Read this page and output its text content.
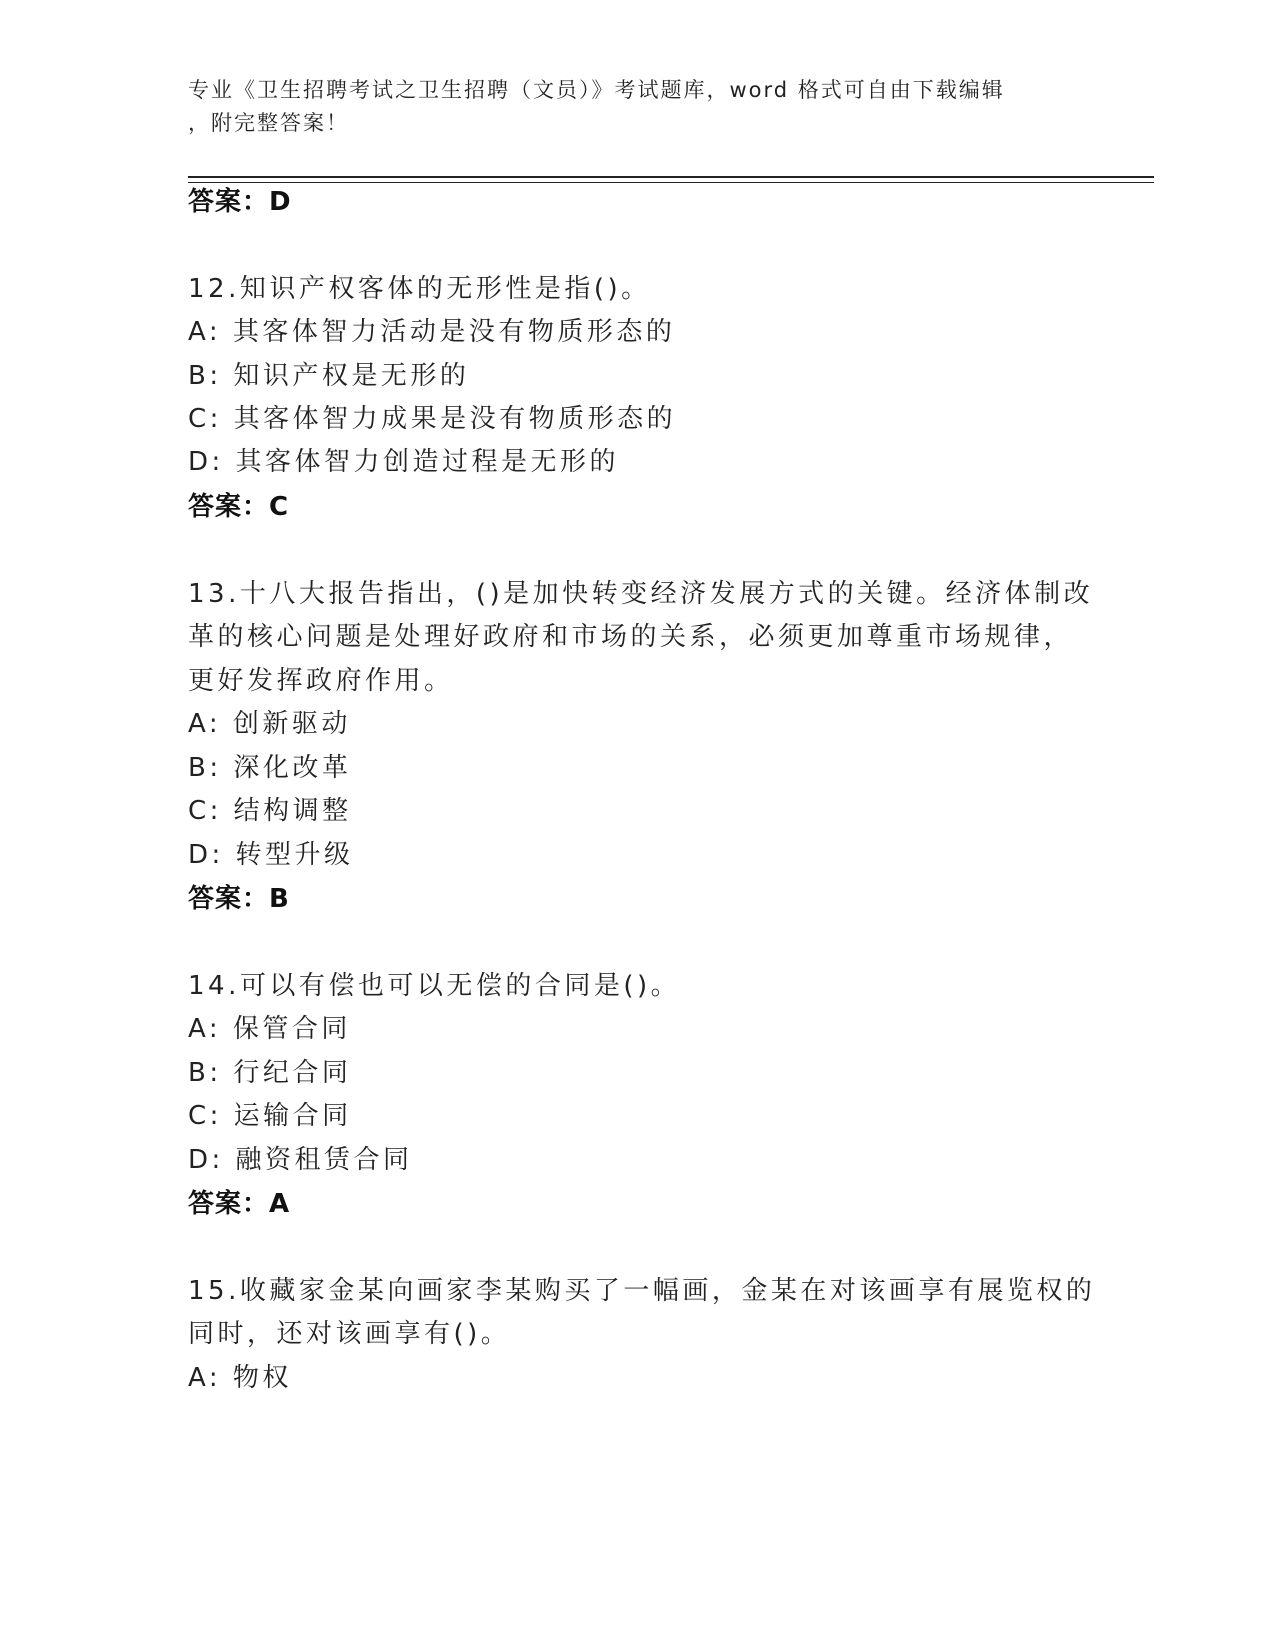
专业《卫生招聘考试之卫生招聘（文员）》考试题库，word 格式可自由下载编辑
，附完整答案！
答案：D
12.知识产权客体的无形性是指()。
A: 其客体智力活动是没有物质形态的
B: 知识产权是无形的
C: 其客体智力成果是没有物质形态的
D: 其客体智力创造过程是无形的
答案：C
13.十八大报告指出，()是加快转变经济发展方式的关键。经济体制改
革的核心问题是处理好政府和市场的关系，必须更加尊重市场规律，
更好发挥政府作用。
A: 创新驱动
B: 深化改革
C: 结构调整
D: 转型升级
答案：B
14.可以有偿也可以无偿的合同是()。
A: 保管合同
B: 行纪合同
C: 运输合同
D: 融资租赁合同
答案：A
15.收藏家金某向画家李某购买了一幅画，金某在对该画享有展览权的
同时，还对该画享有()。
A: 物权
